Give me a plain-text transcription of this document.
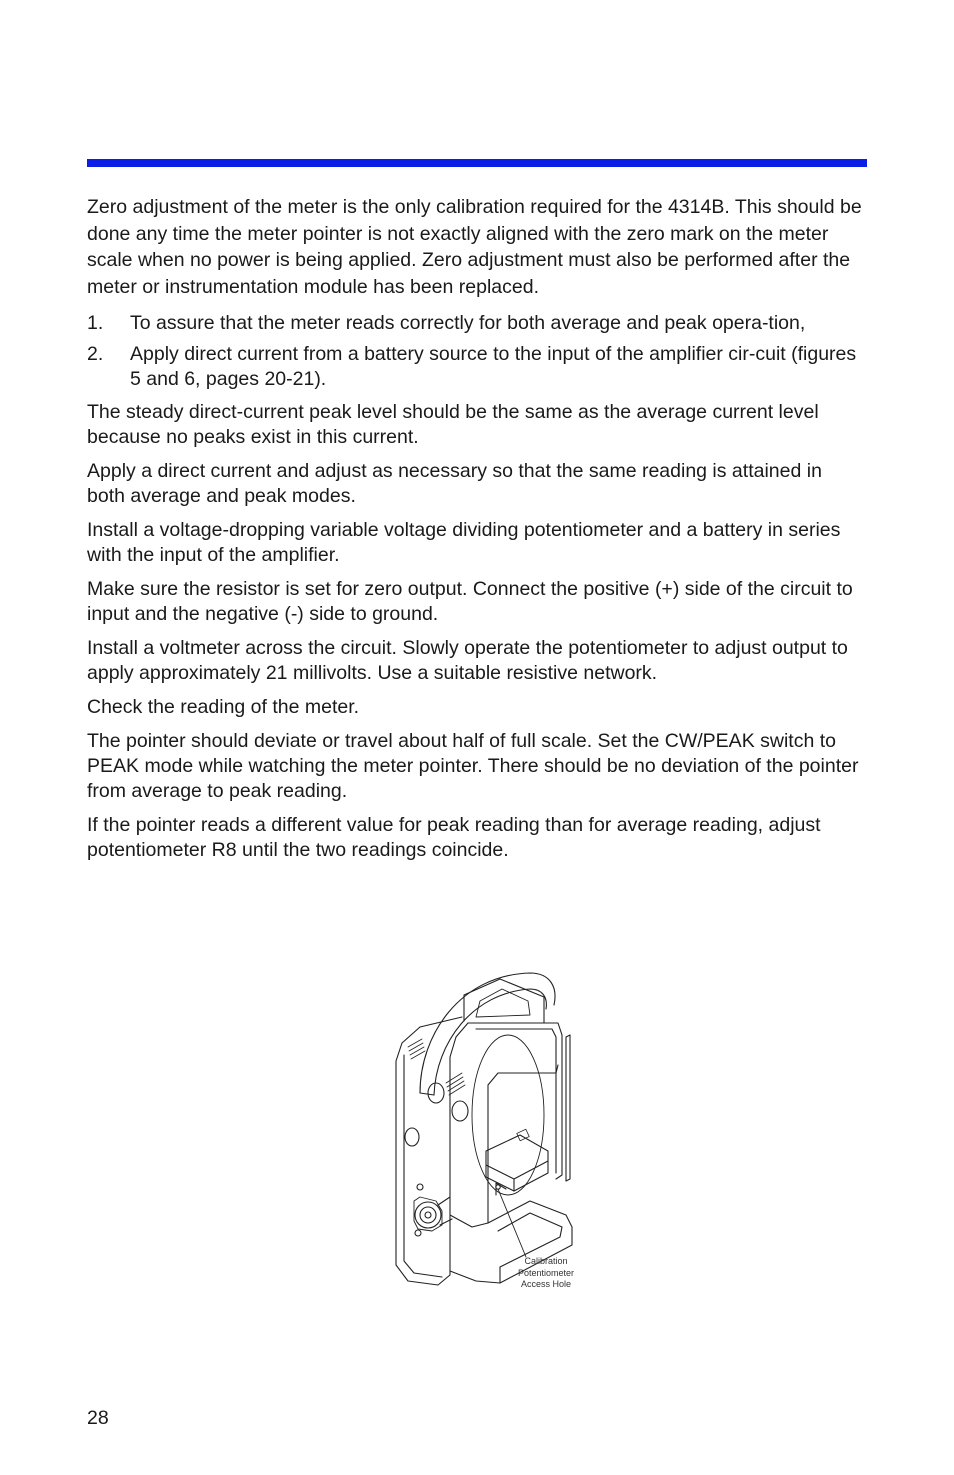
Zero adjustment of the meter is the only calibration required for the 4314B. This should be done any time the meter pointer is not exactly aligned with the zero mark on the meter scale when no power is being applied. Zero adjustment must also be performed after the meter or instrumentation module has been replaced.

1.	To assure that the meter reads correctly for both average and peak opera-tion,
2.	Apply direct current from a battery source to the input of the amplifier cir-cuit (figures 5 and 6, pages 20-21).

The steady direct-current peak level should be the same as the average current level because no peaks exist in this current.

Apply a direct current and adjust as necessary so that the same reading is attained in both average and peak modes.

Install a voltage-dropping variable voltage dividing potentiometer and a battery in series with the input of the amplifier.

Make sure the resistor is set for zero output. Connect the positive (+) side of the circuit to input and the negative (-) side to ground.

Install a voltmeter across the circuit. Slowly operate the potentiometer to adjust output to apply approximately 21 millivolts. Use a suitable resistive network.

Check the reading of the meter.

The pointer should deviate or travel about half of full scale. Set the CW/PEAK switch to PEAK mode while watching the meter pointer. There should be no deviation of the pointer from average to peak reading.

If the pointer reads a different value for peak reading than for average reading, adjust potentiometer R8 until the two readings coincide.

Calibration
Potentiometer
Access Hole
28
